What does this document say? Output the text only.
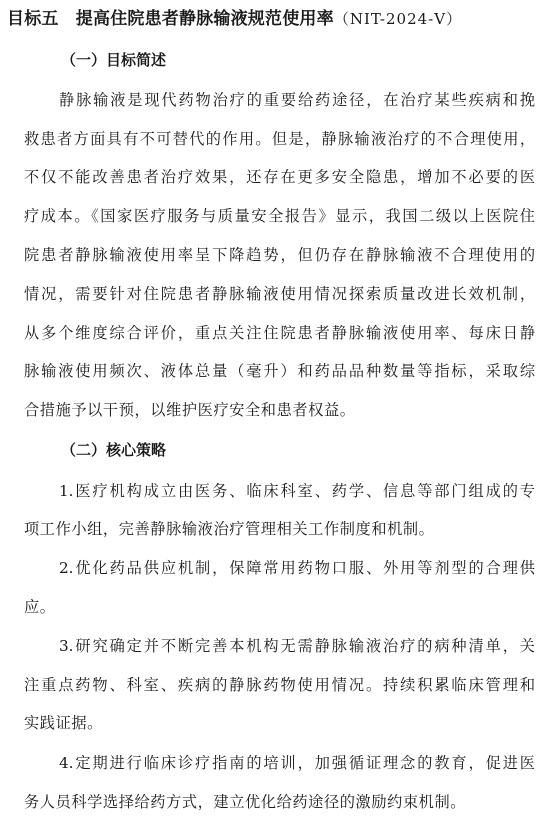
目标五　提高住院患者静脉输液规范使用率（NIT-2024-Ⅴ）
（一）目标简述
静脉输液是现代药物治疗的重要给药途径，在治疗某些疾病和挽
救患者方面具有不可替代的作用。但是，静脉输液治疗的不合理使用，
不仅不能改善患者治疗效果，还存在更多安全隐患，增加不必要的医
疗成本。《国家医疗服务与质量安全报告》显示，我国二级以上医院住
院患者静脉输液使用率呈下降趋势，但仍存在静脉输液不合理使用的
情况，需要针对住院患者静脉输液使用情况探索质量改进长效机制，
从多个维度综合评价，重点关注住院患者静脉输液使用率、每床日静
脉输液使用频次、液体总量（毫升）和药品品种数量等指标，采取综
合措施予以干预，以维护医疗安全和患者权益。
（二）核心策略
1.医疗机构成立由医务、临床科室、药学、信息等部门组成的专
项工作小组，完善静脉输液治疗管理相关工作制度和机制。
2.优化药品供应机制，保障常用药物口服、外用等剂型的合理供
应。
3.研究确定并不断完善本机构无需静脉输液治疗的病种清单，关
注重点药物、科室、疾病的静脉药物使用情况。持续积累临床管理和
实践证据。
4.定期进行临床诊疗指南的培训，加强循证理念的教育，促进医
务人员科学选择给药方式，建立优化给药途径的激励约束机制。
